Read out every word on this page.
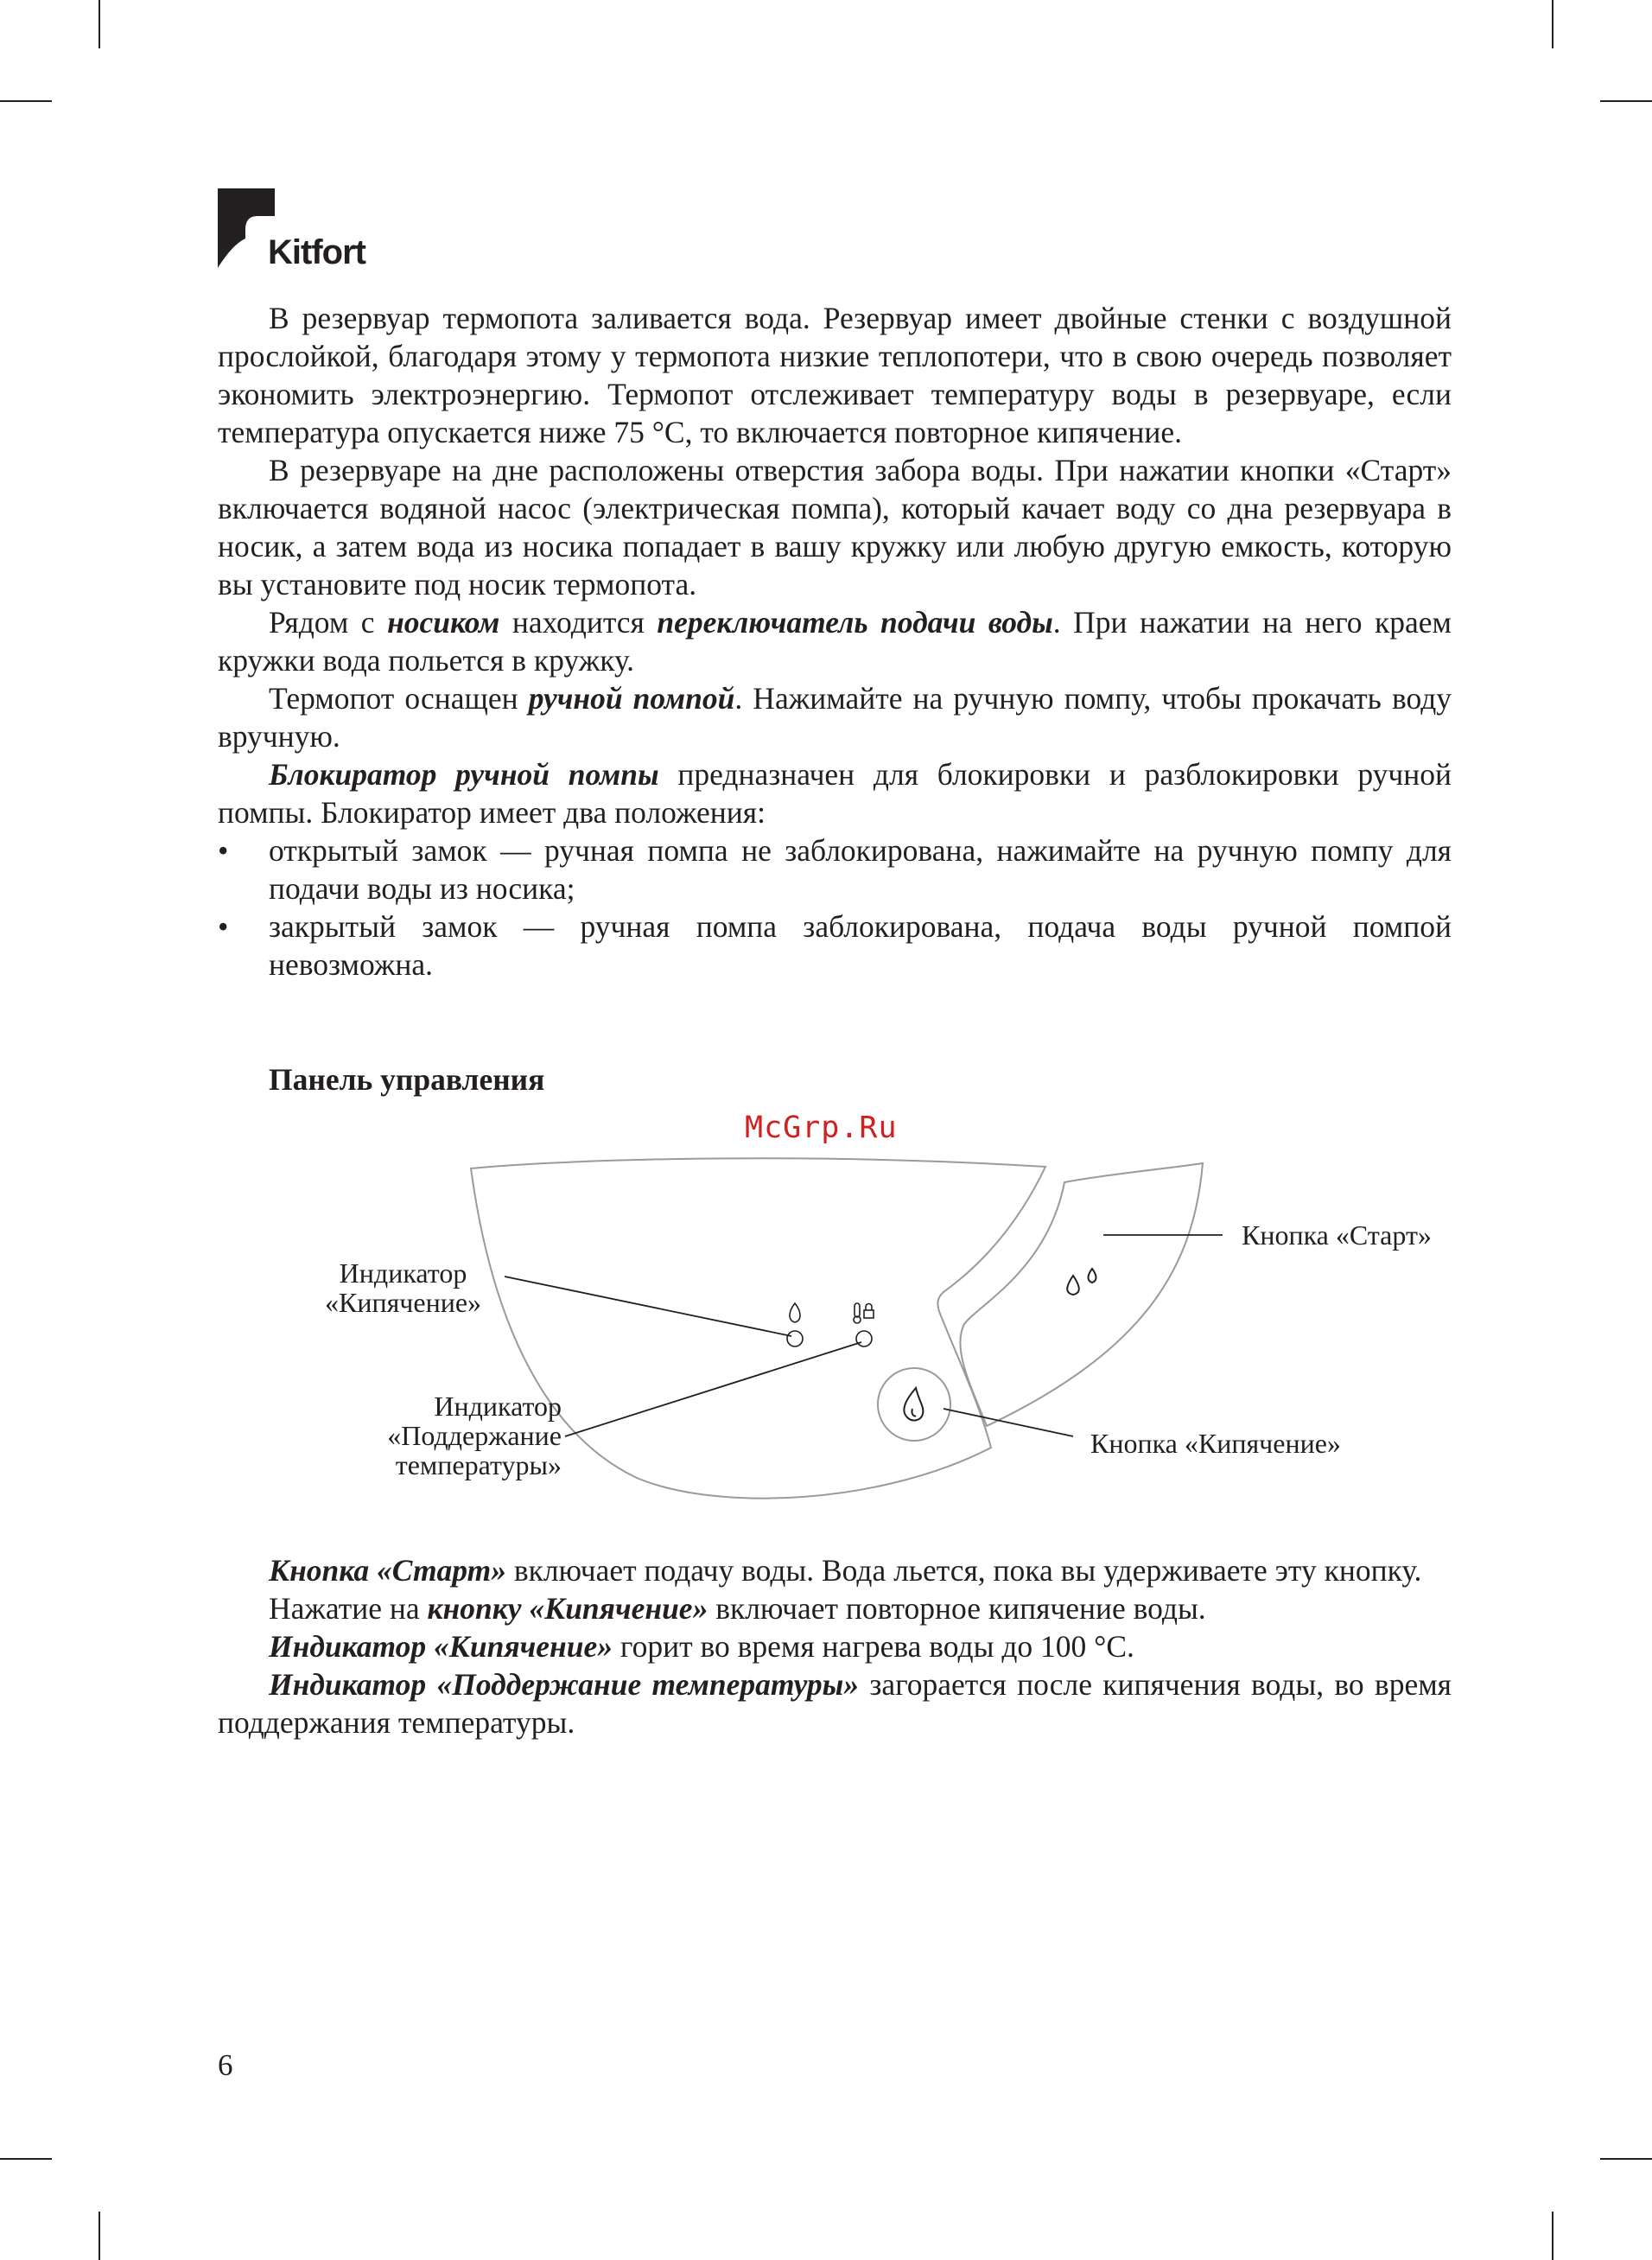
Kitfort

В резервуар термопота заливается вода. Резервуар имеет двойные стенки с воздушной прослойкой, благодаря этому у термопота низкие теплопотери, что в свою очередь позволяет экономить электроэнергию. Термопот отслеживает температуру воды в резервуаре, если температура опускается ниже 75 °С, то включается повторное кипячение.

В резервуаре на дне расположены отверстия забора воды. При нажатии кнопки «Старт» включается водяной насос (электрическая помпа), который качает воду со дна резервуара в носик, а затем вода из носика попадает в вашу кружку или любую другую емкость, которую вы установите под носик термопота.

Рядом с носиком находится переключатель подачи воды. При нажатии на него краем кружки вода польется в кружку.

Термопот оснащен ручной помпой. Нажимайте на ручную помпу, чтобы прокачать воду вручную.

Блокиратор ручной помпы предназначен для блокировки и разблокировки ручной помпы. Блокиратор имеет два положения:

• открытый замок — ручная помпа не заблокирована, нажимайте на ручную помпу для подачи воды из носика;
• закрытый замок — ручная помпа заблокирована, подача воды ручной помпой невозможна.
Панель управления
McGrp.Ru
Индикатор
«Кипячение»
Индикатор
«Поддержание
температуры»
Кнопка «Старт»
Кнопка «Кипячение»

Кнопка «Старт» включает подачу воды. Вода льется, пока вы удерживаете эту кнопку.

Нажатие на кнопку «Кипячение» включает повторное кипячение воды.

Индикатор «Кипячение» горит во время нагрева воды до 100 °С.

Индикатор «Поддержание температуры» загорается после кипячения воды, во время поддержания температуры.

6
